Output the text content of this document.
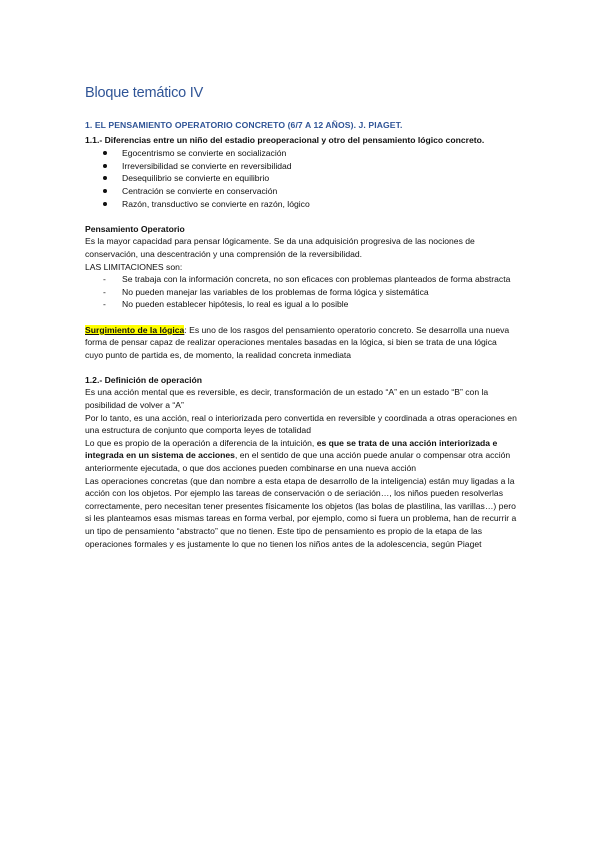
Bloque temático IV
1. EL PENSAMIENTO OPERATORIO CONCRETO (6/7 A 12 AÑOS). J. PIAGET.
1.1.- Diferencias entre un niño del estadio preoperacional y otro del pensamiento lógico concreto.
Egocentrismo se convierte en socialización
Irreversibilidad se convierte en reversibilidad
Desequilibrio se convierte en equilibrio
Centración se convierte en conservación
Razón, transductivo se convierte en razón, lógico
Pensamiento Operatorio

Es la mayor capacidad para pensar lógicamente. Se da una adquisición progresiva de las nociones de conservación, una descentración y una comprensión de la reversibilidad.

LAS LIMITACIONES son:

- Se trabaja con la información concreta, no son eficaces con problemas planteados de forma abstracta
- No pueden manejar las variables de los problemas de forma lógica y sistemática
- No pueden establecer hipótesis, lo real es igual a lo posible

Surgimiento de la lógica: Es uno de los rasgos del pensamiento operatorio concreto. Se desarrolla una nueva forma de pensar capaz de realizar operaciones mentales basadas en la lógica, si bien se trata de una lógica cuyo punto de partida es, de momento, la realidad concreta inmediata

1.2.- Definición de operación

Es una acción mental que es reversible, es decir, transformación de un estado “A” en un estado “B” con la posibilidad de volver a “A”

Por lo tanto, es una acción, real o interiorizada pero convertida en reversible y coordinada a otras operaciones en una estructura de conjunto que comporta leyes de totalidad

Lo que es propio de la operación a diferencia de la intuición, es que se trata de una acción interiorizada e integrada en un sistema de acciones, en el sentido de que una acción puede anular o compensar otra acción anteriormente ejecutada, o que dos acciones pueden combinarse en una nueva acción

Las operaciones concretas (que dan nombre a esta etapa de desarrollo de la inteligencia) están muy ligadas a la acción con los objetos. Por ejemplo las tareas de conservación o de seriación…, los niños pueden resolverlas correctamente, pero necesitan tener presentes físicamente los objetos (las bolas de plastilina, las varillas…) pero si les planteamos esas mismas tareas en forma verbal, por ejemplo, como si fuera un problema, han de recurrir a un tipo de pensamiento “abstracto” que no tienen. Este tipo de pensamiento es propio de la etapa de las operaciones formales y es justamente lo que no tienen los niños antes de la adolescencia, según Piaget
